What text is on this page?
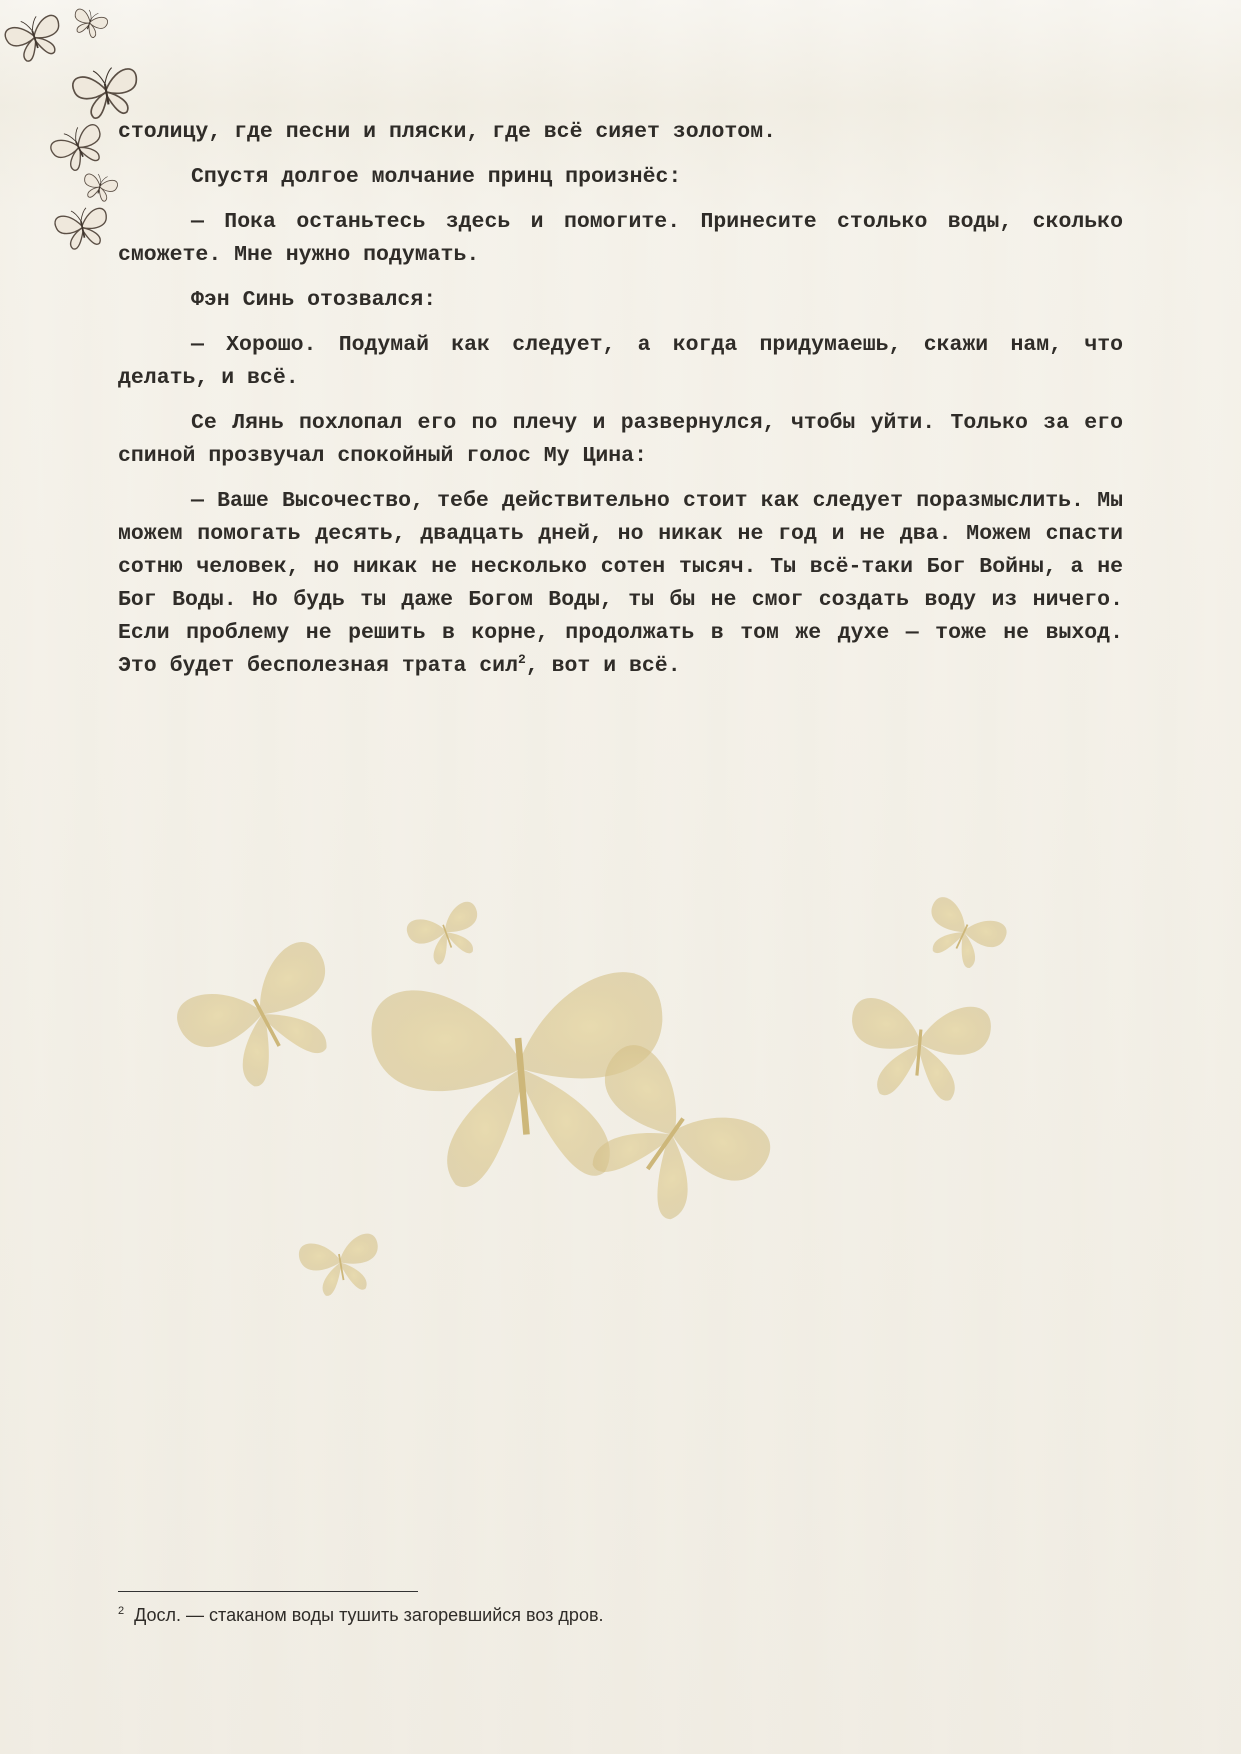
столицу, где песни и пляски, где всё сияет золотом.

Спустя долгое молчание принц произнёс:

— Пока останьтесь здесь и помогите. Принесите столько воды, сколько сможете. Мне нужно подумать.

Фэн Синь отозвался:

— Хорошо. Подумай как следует, а когда придумаешь, скажи нам, что делать, и всё.

Се Лянь похлопал его по плечу и развернулся, чтобы уйти. Только за его спиной прозвучал спокойный голос Му Цина:

— Ваше Высочество, тебе действительно стоит как следует поразмыслить. Мы можем помогать десять, двадцать дней, но никак не год и не два. Можем спасти сотню человек, но никак не несколько сотен тысяч. Ты всё-таки Бог Войны, а не Бог Воды. Но будь ты даже Богом Воды, ты бы не смог создать воду из ничего. Если проблему не решить в корне, продолжать в том же духе — тоже не выход. Это будет бесполезная трата сил$^2$, вот и всё.

$^2$ Досл. — стаканом воды тушить загоревшийся воз дров.
